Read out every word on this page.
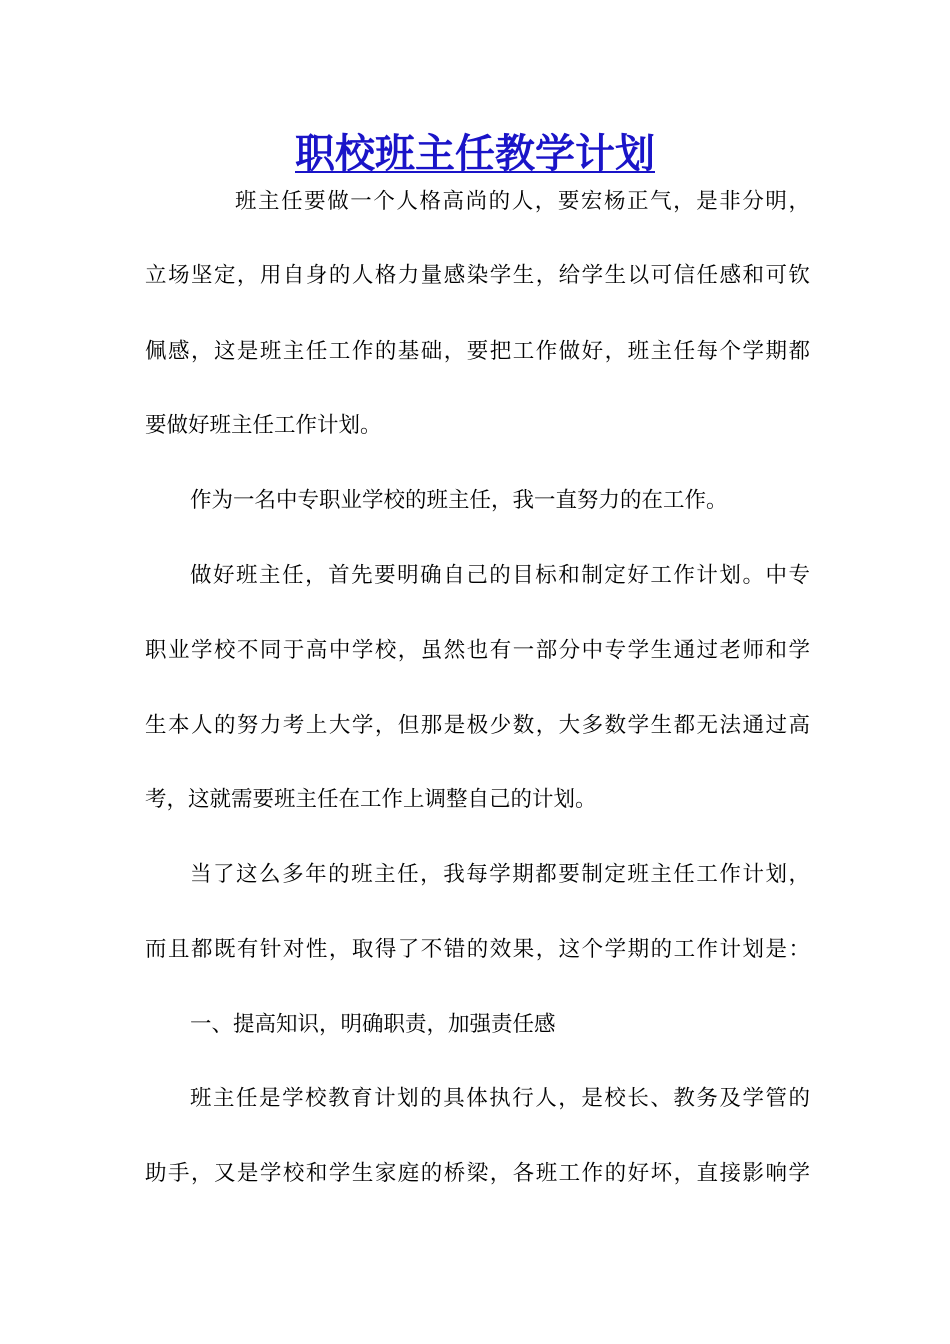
职校班主任教学计划

班主任要做一个人格高尚的人，要宏杨正气，是非分明，

立场坚定，用自身的人格力量感染学生，给学生以可信任感和可钦

佩感，这是班主任工作的基础，要把工作做好，班主任每个学期都

要做好班主任工作计划。

作为一名中专职业学校的班主任，我一直努力的在工作。

做好班主任，首先要明确自己的目标和制定好工作计划。中专

职业学校不同于高中学校，虽然也有一部分中专学生通过老师和学

生本人的努力考上大学，但那是极少数，大多数学生都无法通过高

考，这就需要班主任在工作上调整自己的计划。

当了这么多年的班主任，我每学期都要制定班主任工作计划，

而且都既有针对性，取得了不错的效果，这个学期的工作计划是：

一、提高知识，明确职责，加强责任感

班主任是学校教育计划的具体执行人，是校长、教务及学管的

助手，又是学校和学生家庭的桥梁，各班工作的好坏，直接影响学
